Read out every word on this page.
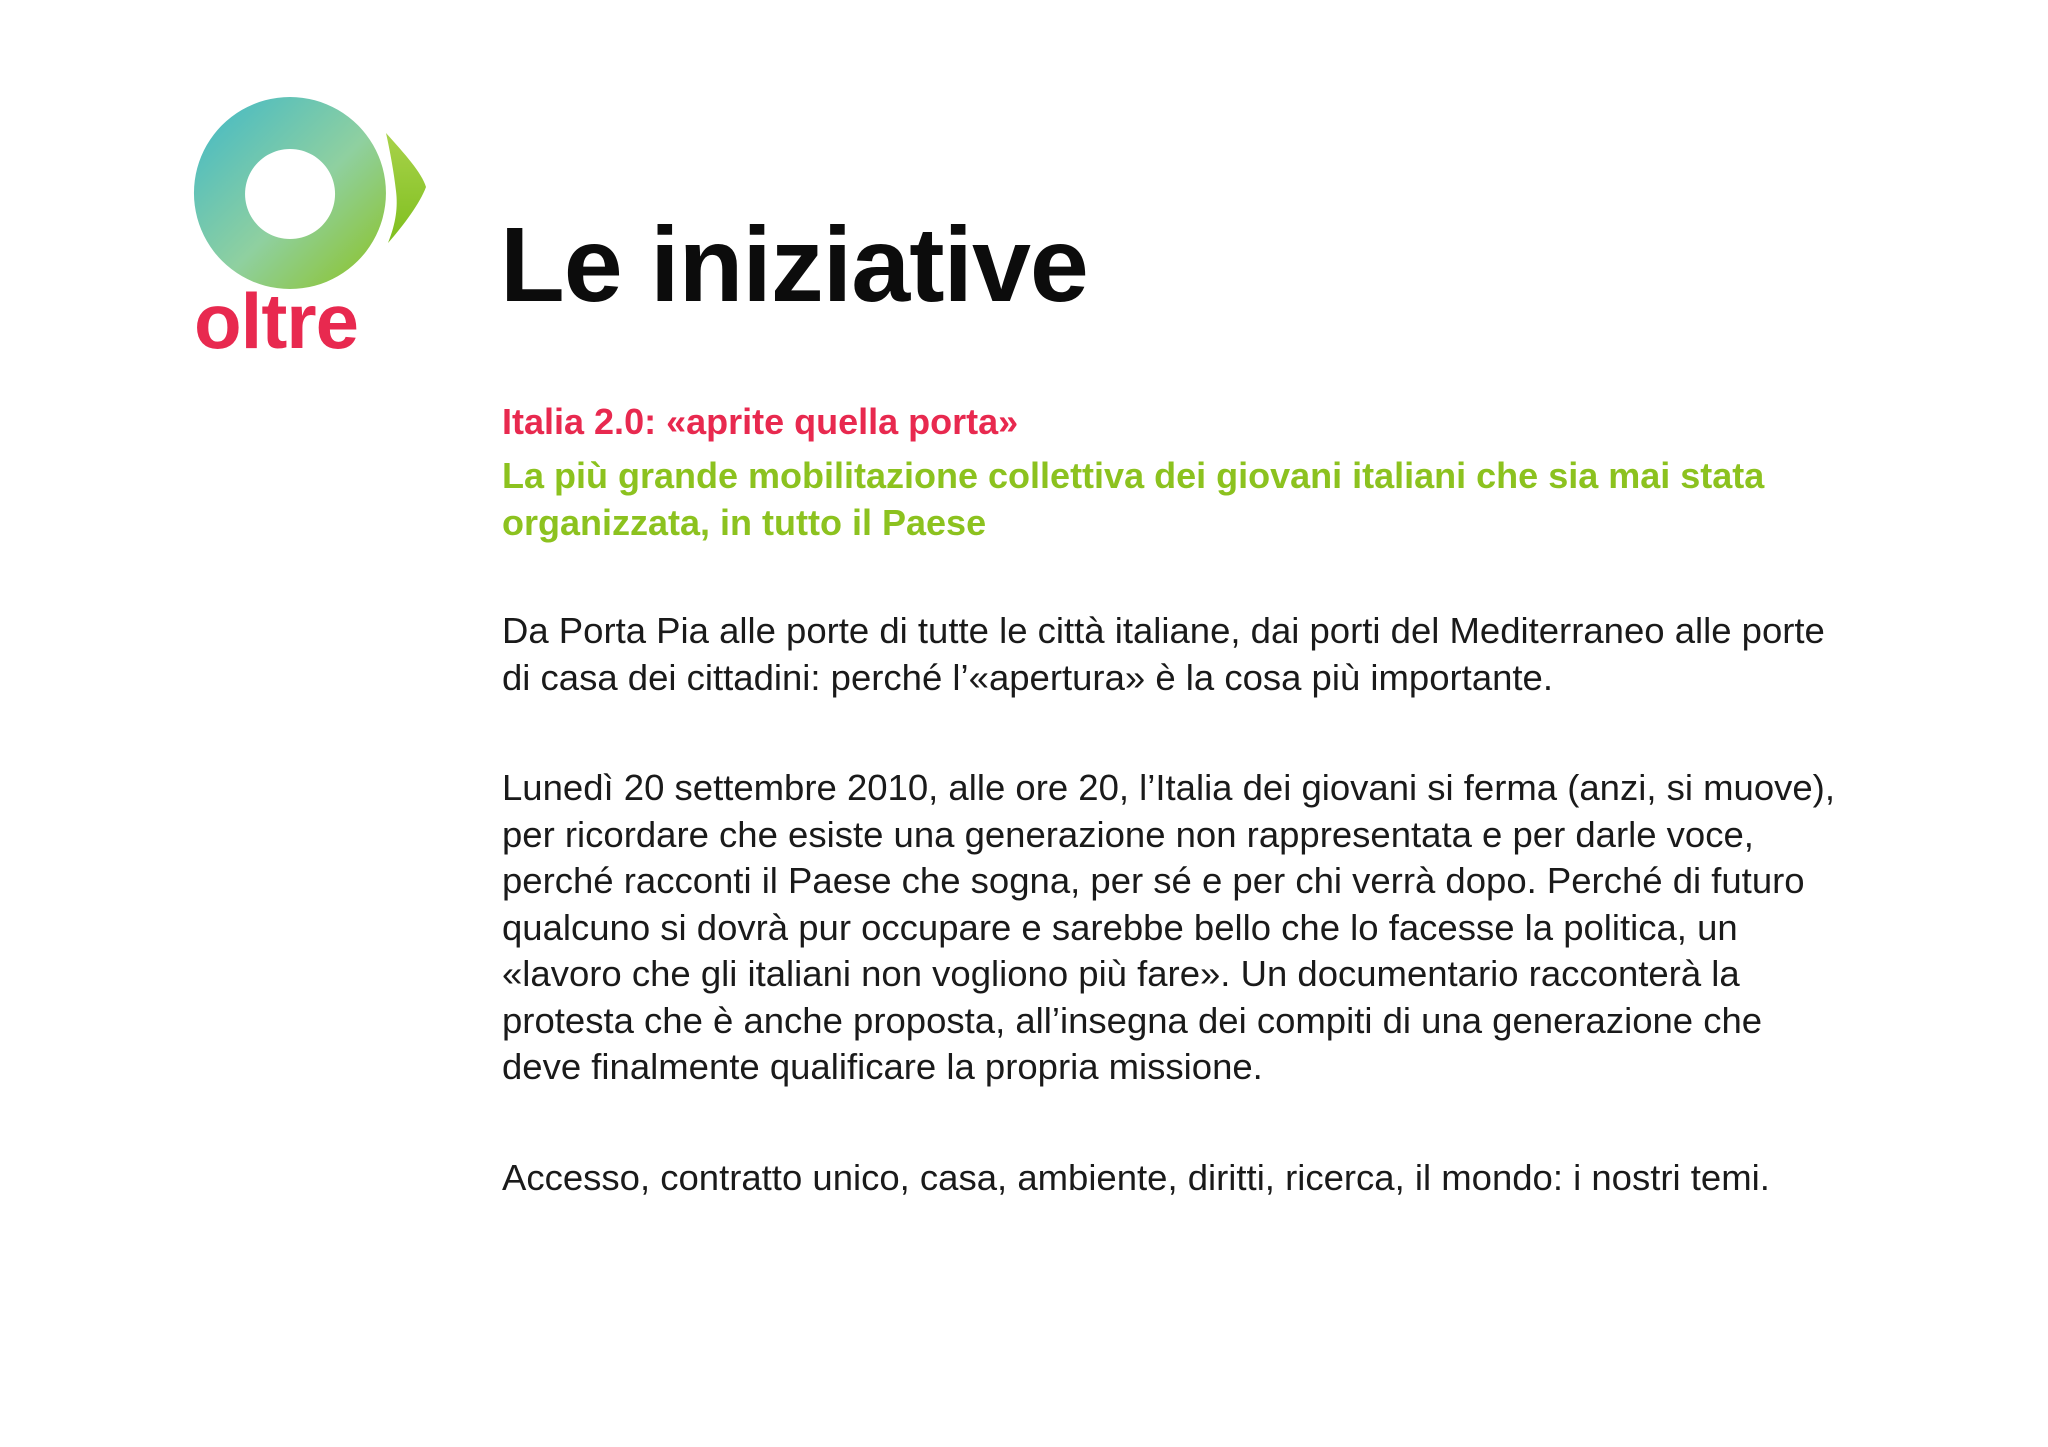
oltre Le iniziative

Italia 2.0: «aprite quella porta»

La più grande mobilitazione collettiva dei giovani italiani che sia mai stata organizzata, in tutto il Paese

Da Porta Pia alle porte di tutte le città italiane, dai porti del Mediterraneo alle porte di casa dei cittadini: perché l’«apertura» è la cosa più importante.

Lunedì 20 settembre 2010, alle ore 20, l’Italia dei giovani si ferma (anzi, si muove), per ricordare che esiste una generazione non rappresentata e per darle voce, perché racconti il Paese che sogna, per sé e per chi verrà dopo. Perché di futuro qualcuno si dovrà pur occupare e sarebbe bello che lo facesse la politica, un «lavoro che gli italiani non vogliono più fare». Un documentario racconterà la protesta che è anche proposta, all’insegna dei compiti di una generazione che deve finalmente qualificare la propria missione.

Accesso, contratto unico, casa, ambiente, diritti, ricerca, il mondo: i nostri temi.
